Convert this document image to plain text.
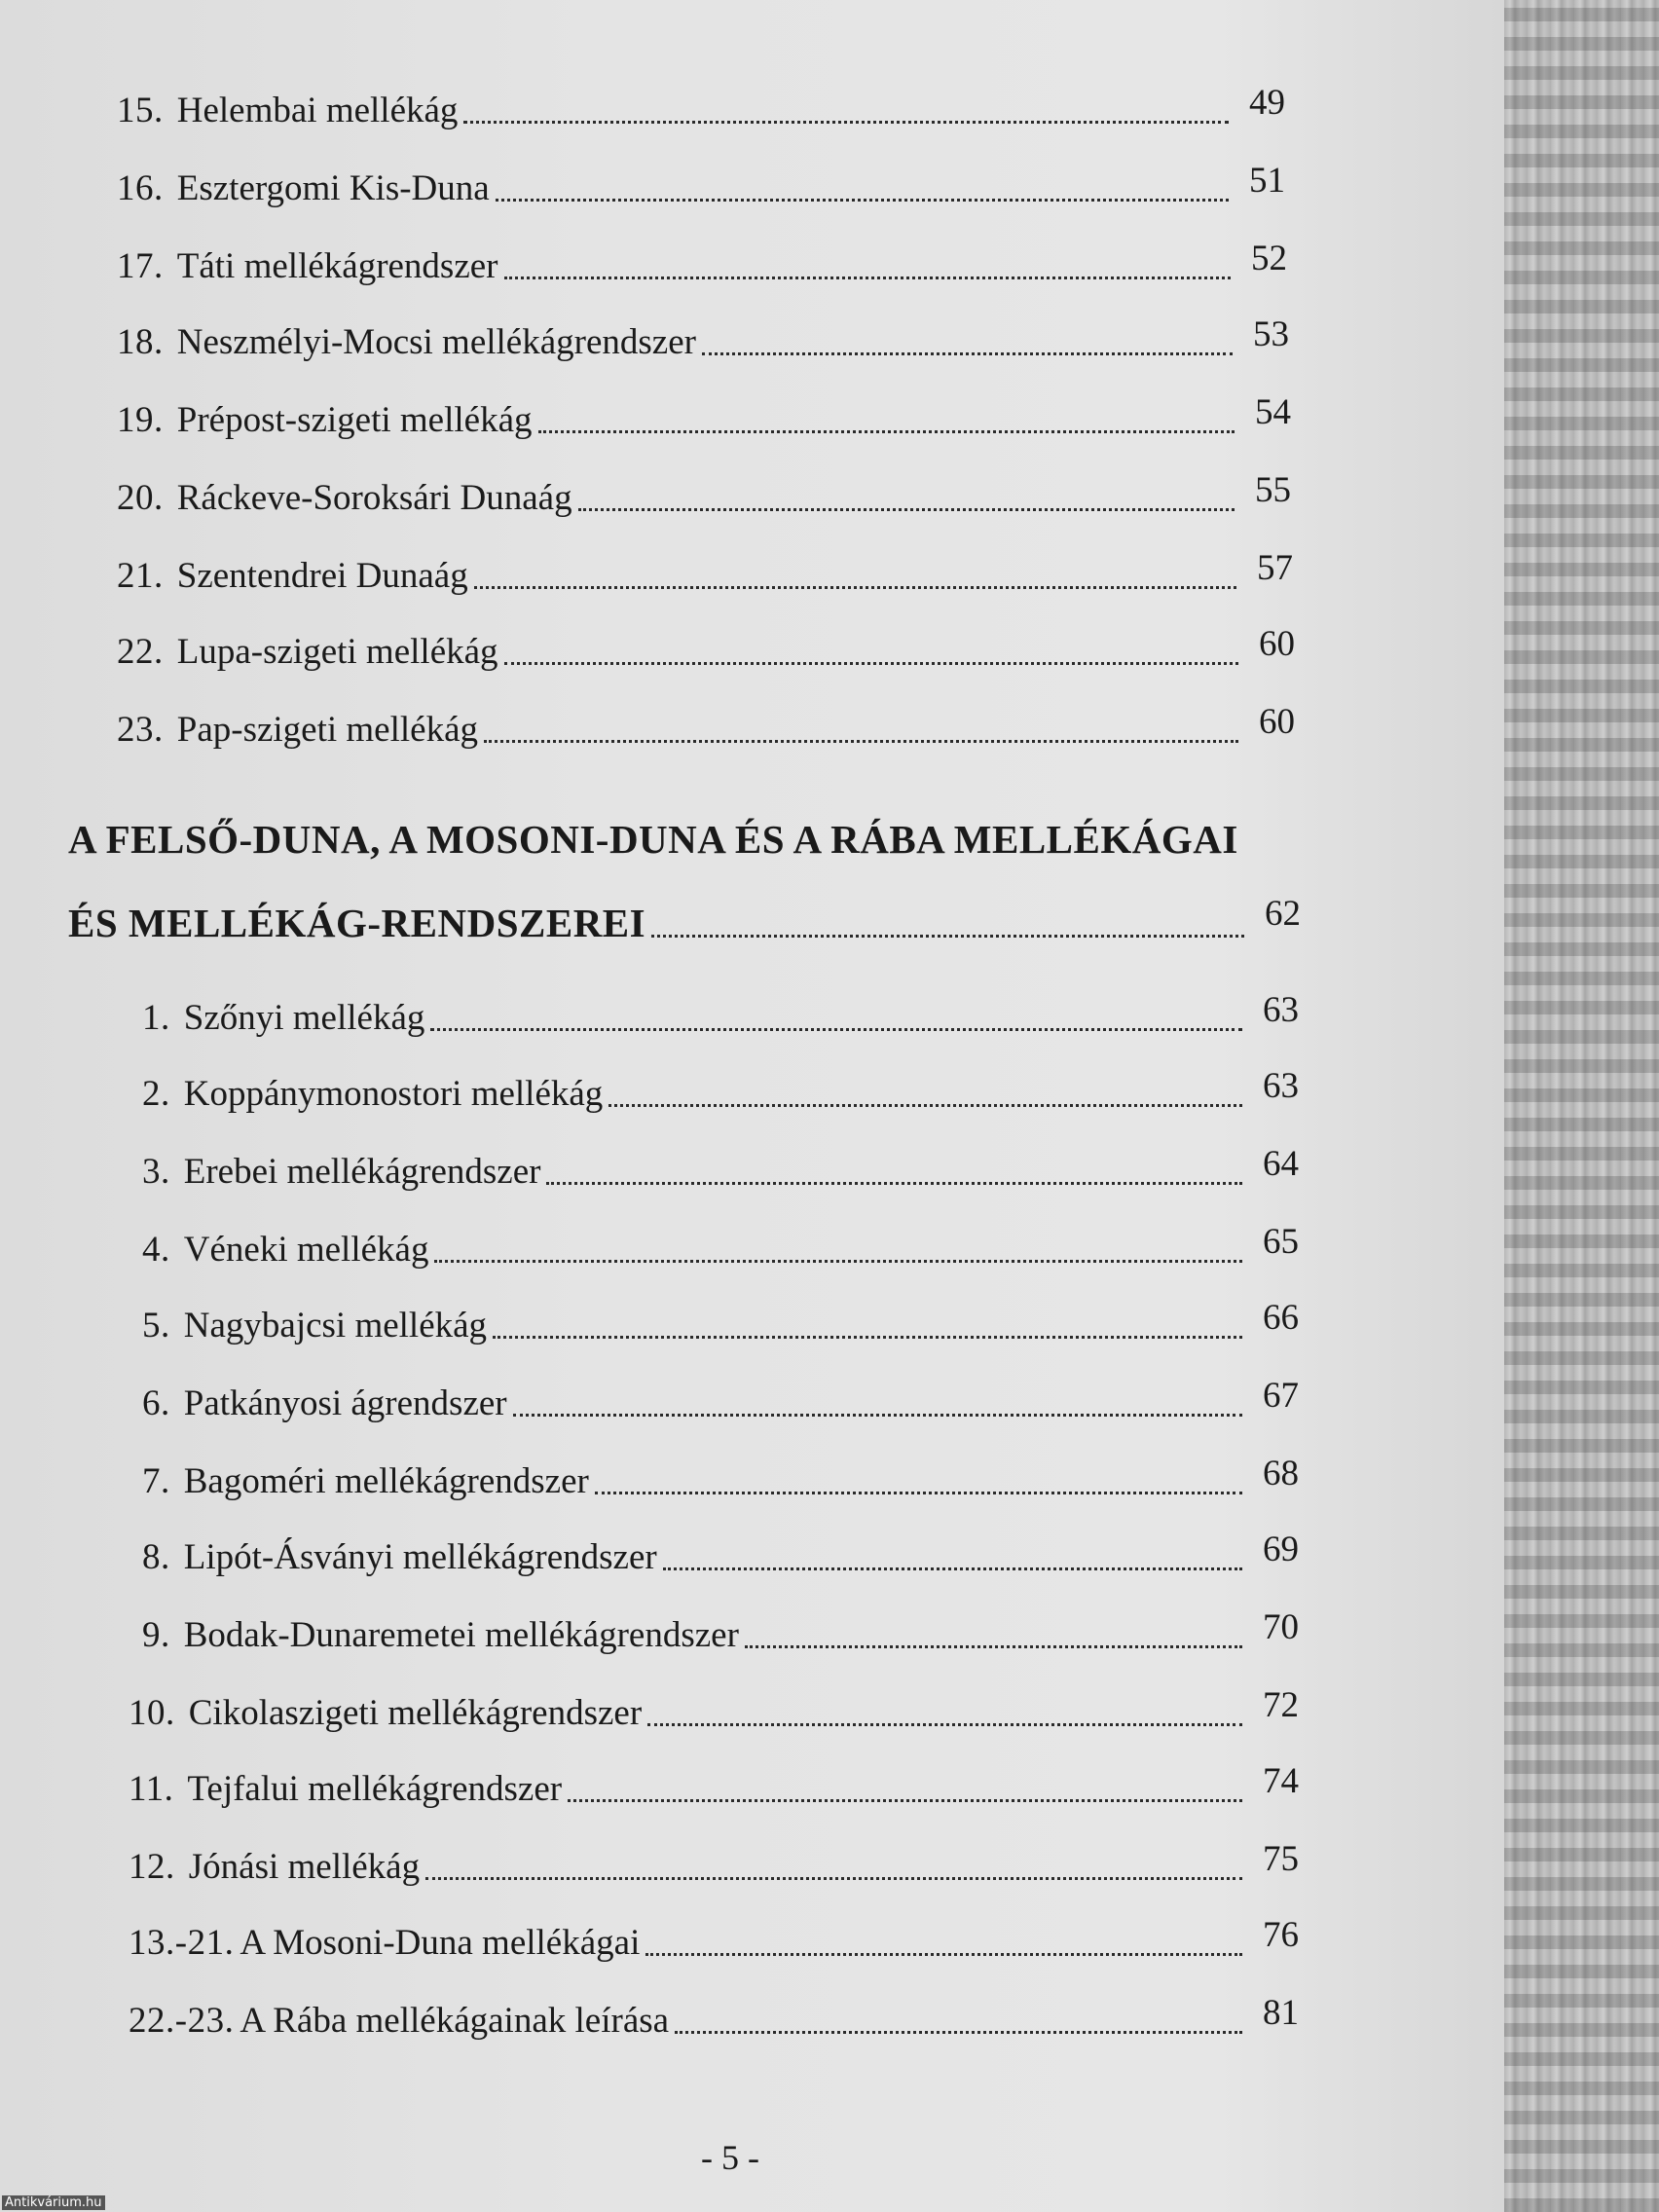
15. Helembai mellékág	49
16. Esztergomi Kis-Duna	51
17. Táti mellékágrendszer	52
18. Neszmélyi-Mocsi mellékágrendszer	53
19. Prépost-szigeti mellékág	54
20. Ráckeve-Soroksári Dunaág	55
21. Szentendrei Dunaág	57
22. Lupa-szigeti mellékág	60
23. Pap-szigeti mellékág	60
A FELSŐ-DUNA, A MOSONI-DUNA ÉS A RÁBA MELLÉKÁGAI
ÉS MELLÉKÁG-RENDSZEREI	62
1. Szőnyi mellékág	63
2. Koppánymonostori mellékág	63
3. Erebei mellékágrendszer	64
4. Véneki mellékág	65
5. Nagybajcsi mellékág	66
6. Patkányosi ágrendszer	67
7. Bagoméri mellékágrendszer	68
8. Lipót-Ásványi mellékágrendszer	69
9. Bodak-Dunaremetei mellékágrendszer	70
10. Cikolaszigeti mellékágrendszer	72
11. Tejfalui mellékágrendszer	74
12. Jónási mellékág	75
13.-21. A Mosoni-Duna mellékágai	76
22.-23. A Rába mellékágainak leírása	81
- 5 -
Antikvárium.hu
